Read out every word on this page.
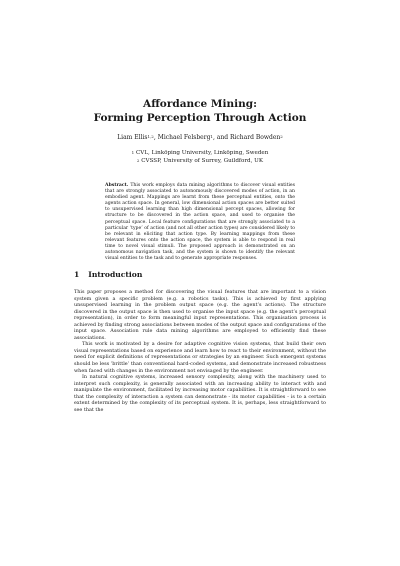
Affordance Mining:
Forming Perception Through Action
Liam Ellis$^{1,2}$, Michael Felsberg$^1$, and Richard Bowden$^2$
$^1$ CVL, Linköping University, Linköping, Sweden
$^2$ CVSSP, University of Surrey, Guildford, UK
Abstract. This work employs data mining algorithms to discover visual entities that are strongly associated to autonomously discovered modes of action, in an embodied agent. Mappings are learnt from these perceptual entities, onto the agents action space. In general, low dimensional action spaces are better suited to unsupervised learning than high dimensional percept spaces, allowing for structure to be discovered in the action space, and used to organise the perceptual space. Local feature configurations that are strongly associated to a particular ‘type’ of action (and not all other action types) are considered likely to be relevant in eliciting that action type. By learning mappings from these relevant features onto the action space, the system is able to respond in real time to novel visual stimuli. The proposed approach is demonstrated on an autonomous navigation task, and the system is shown to identify the relevant visual entities to the task and to generate appropriate responses.
1 Introduction

This paper proposes a method for discovering the visual features that are important to a vision system given a specific problem (e.g. a robotics tasks). This is achieved by first applying unsupervised learning in the problem output space (e.g. the agent’s actions). The structure discovered in the output space is then used to organise the input space (e.g. the agent’s perceptual representation), in order to form meaningful input representations. This organisation process is achieved by finding strong associations between modes of the output space and configurations of the input space. Association rule data mining algorithms are employed to efficiently find these associations.

This work is motivated by a desire for adaptive cognitive vision systems, that build their own visual representations based on experience and learn how to react to their environment, without the need for explicit definitions of representations or strategies by an engineer. Such emergent systems should be less ‘brittle’ than conventional hard-coded systems, and demonstrate increased robustness when faced with changes in the environment not envisaged by the engineer.

In natural cognitive systems, increased sensory complexity, along with the machinery used to interpret such complexity, is generally associated with an increasing ability to interact with and manipulate the environment, facilitated by increasing motor capabilities. It is straightforward to see that the complexity of interaction a system can demonstrate - its motor capabilities - is to a certain extent determined by the complexity of its perceptual system. It is, perhaps, less straightforward to see that the
